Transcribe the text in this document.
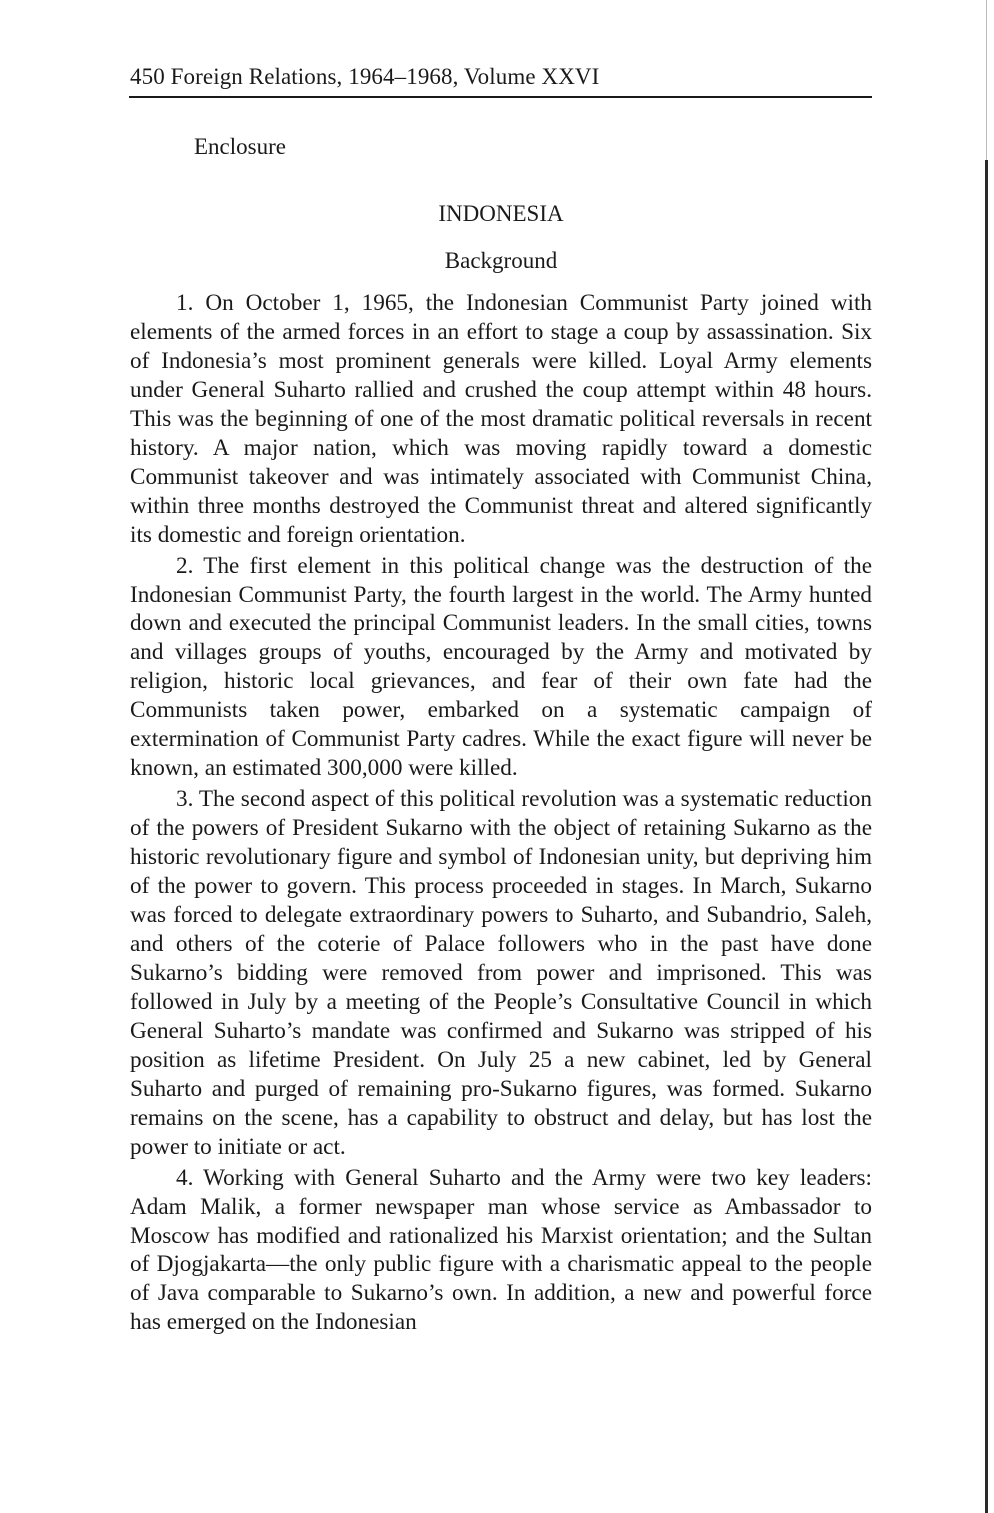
450 Foreign Relations, 1964–1968, Volume XXVI
Enclosure
INDONESIA
Background

1. On October 1, 1965, the Indonesian Communist Party joined with elements of the armed forces in an effort to stage a coup by assassination. Six of Indonesia’s most prominent generals were killed. Loyal Army elements under General Suharto rallied and crushed the coup attempt within 48 hours. This was the beginning of one of the most dramatic political reversals in recent history. A major nation, which was moving rapidly toward a domestic Communist takeover and was intimately associated with Communist China, within three months destroyed the Communist threat and altered significantly its domestic and foreign orientation.

2. The first element in this political change was the destruction of the Indonesian Communist Party, the fourth largest in the world. The Army hunted down and executed the principal Communist leaders. In the small cities, towns and villages groups of youths, encouraged by the Army and motivated by religion, historic local grievances, and fear of their own fate had the Communists taken power, embarked on a systematic campaign of extermination of Communist Party cadres. While the exact figure will never be known, an estimated 300,000 were killed.

3. The second aspect of this political revolution was a systematic reduction of the powers of President Sukarno with the object of retaining Sukarno as the historic revolutionary figure and symbol of Indonesian unity, but depriving him of the power to govern. This process proceeded in stages. In March, Sukarno was forced to delegate extraordinary powers to Suharto, and Subandrio, Saleh, and others of the coterie of Palace followers who in the past have done Sukarno’s bidding were removed from power and imprisoned. This was followed in July by a meeting of the People’s Consultative Council in which General Suharto’s mandate was confirmed and Sukarno was stripped of his position as lifetime President. On July 25 a new cabinet, led by General Suharto and purged of remaining pro-Sukarno figures, was formed. Sukarno remains on the scene, has a capability to obstruct and delay, but has lost the power to initiate or act.

4. Working with General Suharto and the Army were two key leaders: Adam Malik, a former newspaper man whose service as Ambassador to Moscow has modified and rationalized his Marxist orientation; and the Sultan of Djogjakarta—the only public figure with a charismatic appeal to the people of Java comparable to Sukarno’s own. In addition, a new and powerful force has emerged on the Indonesian
